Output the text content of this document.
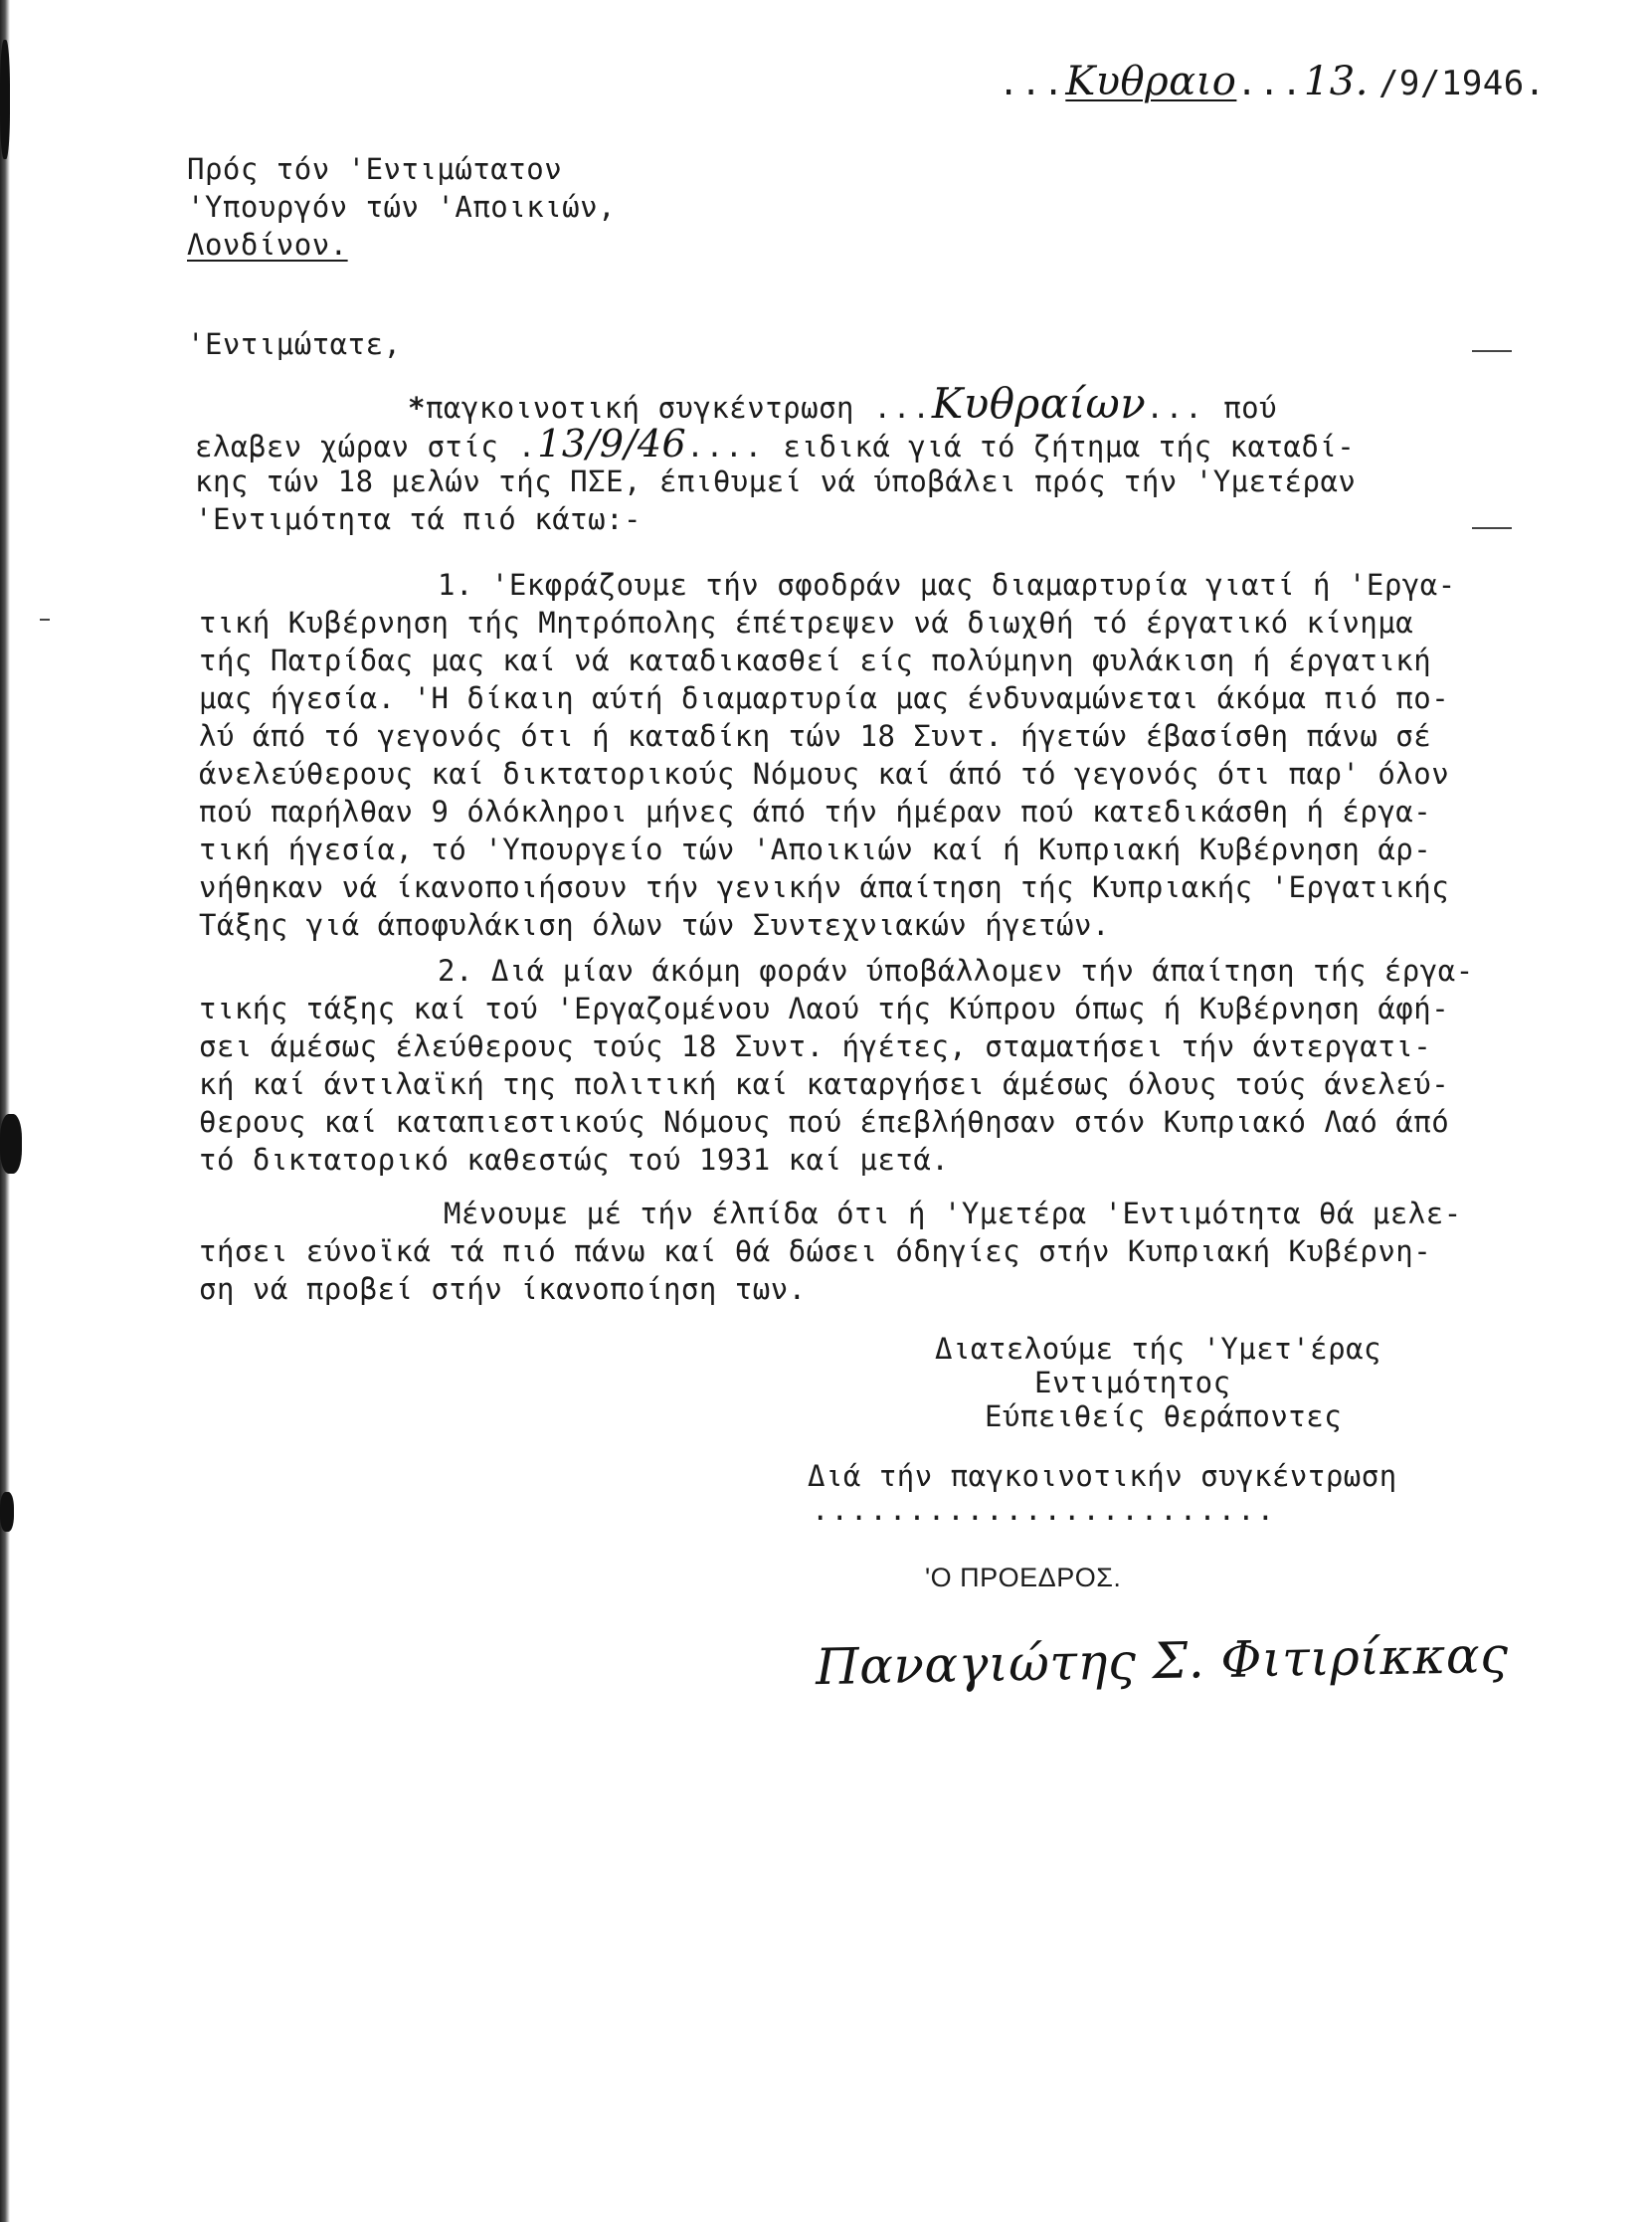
...Κυθραιο...13. /9/1946.

Πρός τόν 'Εντιμώτατον
'Υπουργόν τών 'Αποικιών,
Λονδίνον.
'Εντιμώτατε,
*παγκοινοτική συγκέντρωση ...Κυθραίων... πού
ελαβεν χώραν στίς .13/9/46.... ειδικά γιά τό ζήτημα τής καταδί-
κης τών 18 μελών τής ΠΣΕ, έπιθυμεί νά ύποβάλει πρός τήν 'Υμετέραν
'Εντιμότητα τά πιό κάτω:-
1. 'Εκφράζουμε τήν σφοδράν μας διαμαρτυρία γιατί ή 'Εργα-
τική Κυβέρνηση τής Μητρόπολης έπέτρεψεν νά διωχθή τό έργατικό κίνημα
τής Πατρίδας μας καί νά καταδικασθεί είς πολύμηνη φυλάκιση ή έργατική
μας ήγεσία. 'Η δίκαιη αύτή διαμαρτυρία μας ένδυναμώνεται άκόμα πιό πο-
λύ άπό τό γεγονός ότι ή καταδίκη τών 18 Συντ. ήγετών έβασίσθη πάνω σέ
άνελεύθερους καί δικτατορικούς Νόμους καί άπό τό γεγονός ότι παρ' όλον
πού παρήλθαν 9 όλόκληροι μήνες άπό τήν ήμέραν πού κατεδικάσθη ή έργα-
τική ήγεσία, τό 'Υπουργείο τών 'Αποικιών καί ή Κυπριακή Κυβέρνηση άρ-
νήθηκαν νά ίκανοποιήσουν τήν γενικήν άπαίτηση τής Κυπριακής 'Εργατικής
Τάξης γιά άποφυλάκιση όλων τών Συντεχνιακών ήγετών.
2. Διά μίαν άκόμη φοράν ύποβάλλομεν τήν άπαίτηση τής έργα-
τικής τάξης καί τού 'Εργαζομένου Λαού τής Κύπρου όπως ή Κυβέρνηση άφή-
σει άμέσως έλεύθερους τούς 18 Συντ. ήγέτες, σταματήσει τήν άντεργατι-
κή καί άντιλαϊκή της πολιτική καί καταργήσει άμέσως όλους τούς άνελεύ-
θερους καί καταπιεστικούς Νόμους πού έπεβλήθησαν στόν Κυπριακό Λαό άπό
τό δικτατορικό καθεστώς τού 1931 καί μετά.
Μένουμε μέ τήν έλπίδα ότι ή 'Υμετέρα 'Εντιμότητα θά μελε-
τήσει εύνοϊκά τά πιό πάνω καί θά δώσει όδηγίες στήν Κυπριακή Κυβέρνη-
ση νά προβεί στήν ίκανοποίηση των.
Διατελούμε τής 'Υμετ'έρας
Εντιμότητος
Εύπειθείς θεράποντες
Διά τήν παγκοινοτικήν συγκέντρωση
........................
'Ο ΠΡΟΕΔΡΟΣ.
Παναγιώτης Σ. Φιτιρίκκας
